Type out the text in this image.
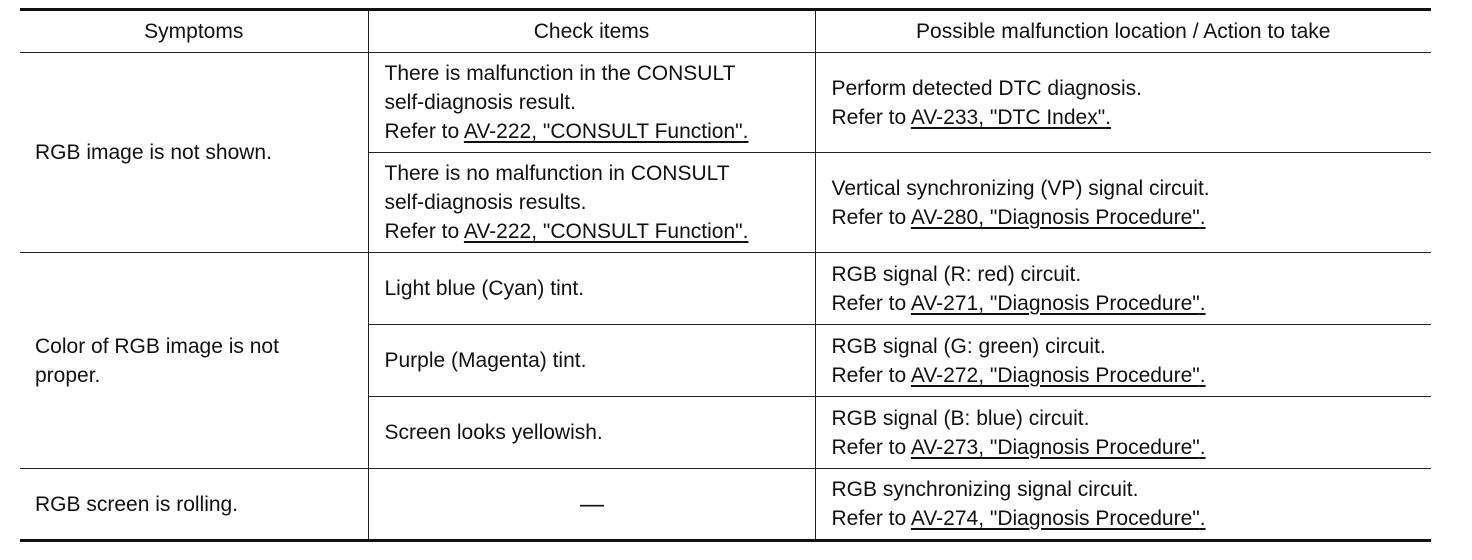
Symptoms	Check items	Possible malfunction location / Action to take

RGB image is not shown.	There is malfunction in the CONSULT
self-diagnosis result.
Refer to AV-222, "CONSULT Function".	Perform detected DTC diagnosis.
Refer to AV-233, "DTC Index".

	There is no malfunction in CONSULT
self-diagnosis results.
Refer to AV-222, "CONSULT Function".	Vertical synchronizing (VP) signal circuit.
Refer to AV-280, "Diagnosis Procedure".

Color of RGB image is not
proper.	Light blue (Cyan) tint.	RGB signal (R: red) circuit.
Refer to AV-271, "Diagnosis Procedure".

	Purple (Magenta) tint.	RGB signal (G: green) circuit.
Refer to AV-272, "Diagnosis Procedure".

	Screen looks yellowish.	RGB signal (B: blue) circuit.
Refer to AV-273, "Diagnosis Procedure".

RGB screen is rolling.	—	RGB synchronizing signal circuit.
Refer to AV-274, "Diagnosis Procedure".
